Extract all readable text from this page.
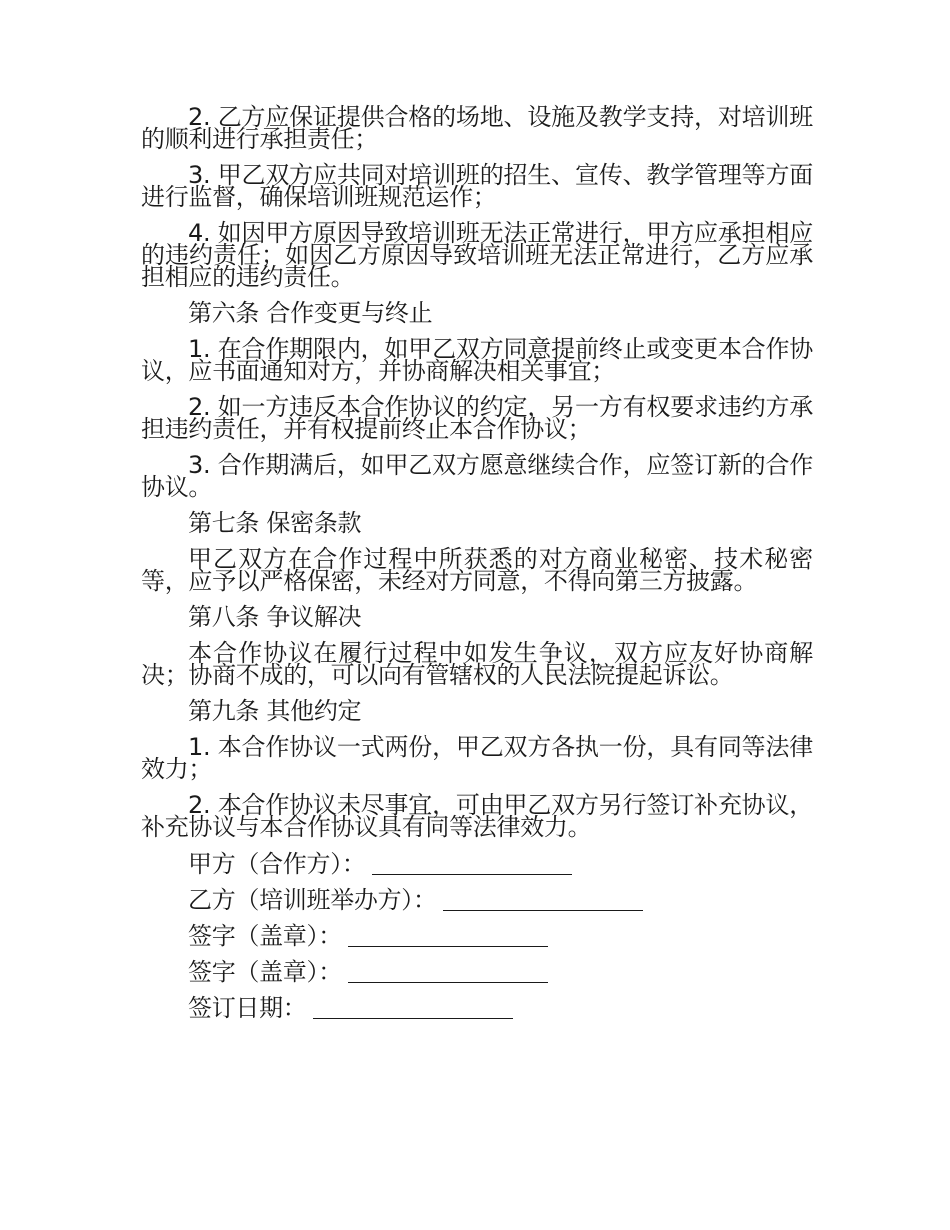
2. 乙方应保证提供合格的场地、设施及教学支持，对培训班的顺利进行承担责任；

3. 甲乙双方应共同对培训班的招生、宣传、教学管理等方面进行监督，确保培训班规范运作；

4. 如因甲方原因导致培训班无法正常进行，甲方应承担相应的违约责任；如因乙方原因导致培训班无法正常进行，乙方应承担相应的违约责任。

第六条 合作变更与终止

1. 在合作期限内，如甲乙双方同意提前终止或变更本合作协议，应书面通知对方，并协商解决相关事宜；

2. 如一方违反本合作协议的约定，另一方有权要求违约方承担违约责任，并有权提前终止本合作协议；

3. 合作期满后，如甲乙双方愿意继续合作，应签订新的合作协议。

第七条 保密条款

甲乙双方在合作过程中所获悉的对方商业秘密、技术秘密等，应予以严格保密，未经对方同意，不得向第三方披露。

第八条 争议解决

本合作协议在履行过程中如发生争议，双方应友好协商解决；协商不成的，可以向有管辖权的人民法院提起诉讼。

第九条 其他约定

1. 本合作协议一式两份，甲乙双方各执一份，具有同等法律效力；

2. 本合作协议未尽事宜，可由甲乙双方另行签订补充协议，补充协议与本合作协议具有同等法律效力。

甲方（合作方）：
乙方（培训班举办方）：
签字（盖章）：
签字（盖章）：
签订日期：
